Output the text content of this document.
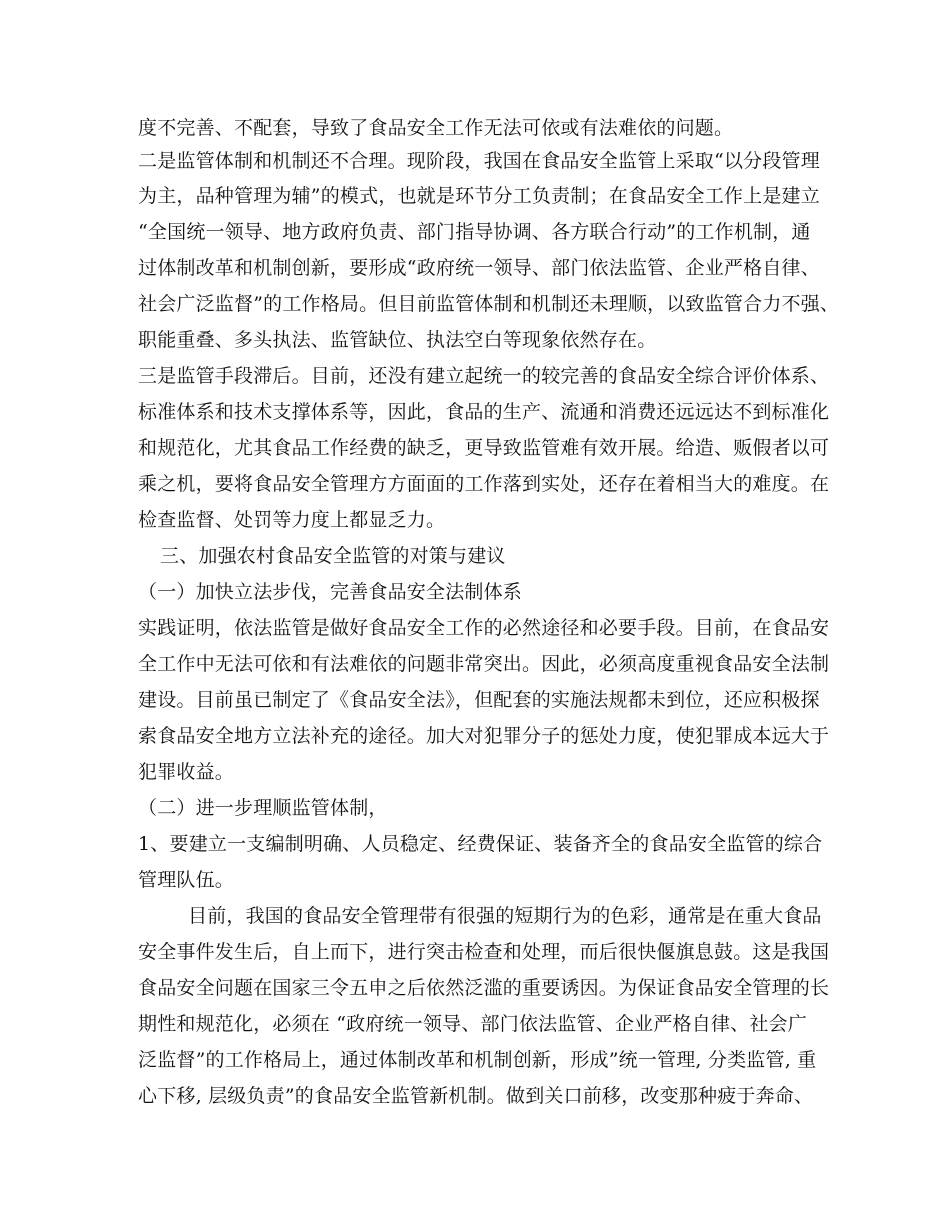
度不完善、不配套，导致了食品安全工作无法可依或有法难依的问题。
二是监管体制和机制还不合理。现阶段，我国在食品安全监管上采取“以分段管理
为主，品种管理为辅”的模式，也就是环节分工负责制；在食品安全工作上是建立
“全国统一领导、地方政府负责、部门指导协调、各方联合行动”的工作机制，通
过体制改革和机制创新，要形成“政府统一领导、部门依法监管、企业严格自律、
社会广泛监督”的工作格局。但目前监管体制和机制还未理顺，以致监管合力不强、
职能重叠、多头执法、监管缺位、执法空白等现象依然存在。
三是监管手段滞后。目前，还没有建立起统一的较完善的食品安全综合评价体系、
标准体系和技术支撑体系等，因此，食品的生产、流通和消费还远远达不到标准化
和规范化，尤其食品工作经费的缺乏，更导致监管难有效开展。给造、贩假者以可
乘之机，要将食品安全管理方方面面的工作落到实处，还存在着相当大的难度。在
检查监督、处罚等力度上都显乏力。
三、加强农村食品安全监管的对策与建议
（一）加快立法步伐，完善食品安全法制体系
实践证明，依法监管是做好食品安全工作的必然途径和必要手段。目前，在食品安
全工作中无法可依和有法难依的问题非常突出。因此，必须高度重视食品安全法制
建设。目前虽已制定了《食品安全法》，但配套的实施法规都未到位，还应积极探
索食品安全地方立法补充的途径。加大对犯罪分子的惩处力度，使犯罪成本远大于
犯罪收益。
（二）进一步理顺监管体制，
1、要建立一支编制明确、人员稳定、经费保证、装备齐全的食品安全监管的综合
管理队伍。
目前，我国的食品安全管理带有很强的短期行为的色彩，通常是在重大食品
安全事件发生后，自上而下，进行突击检查和处理，而后很快偃旗息鼓。这是我国
食品安全问题在国家三令五申之后依然泛滥的重要诱因。为保证食品安全管理的长
期性和规范化，必须在 “政府统一领导、部门依法监管、企业严格自律、社会广
泛监督”的工作格局上，通过体制改革和机制创新，形成”统一管理, 分类监管, 重
心下移, 层级负责”的食品安全监管新机制。做到关口前移，改变那种疲于奔命、
